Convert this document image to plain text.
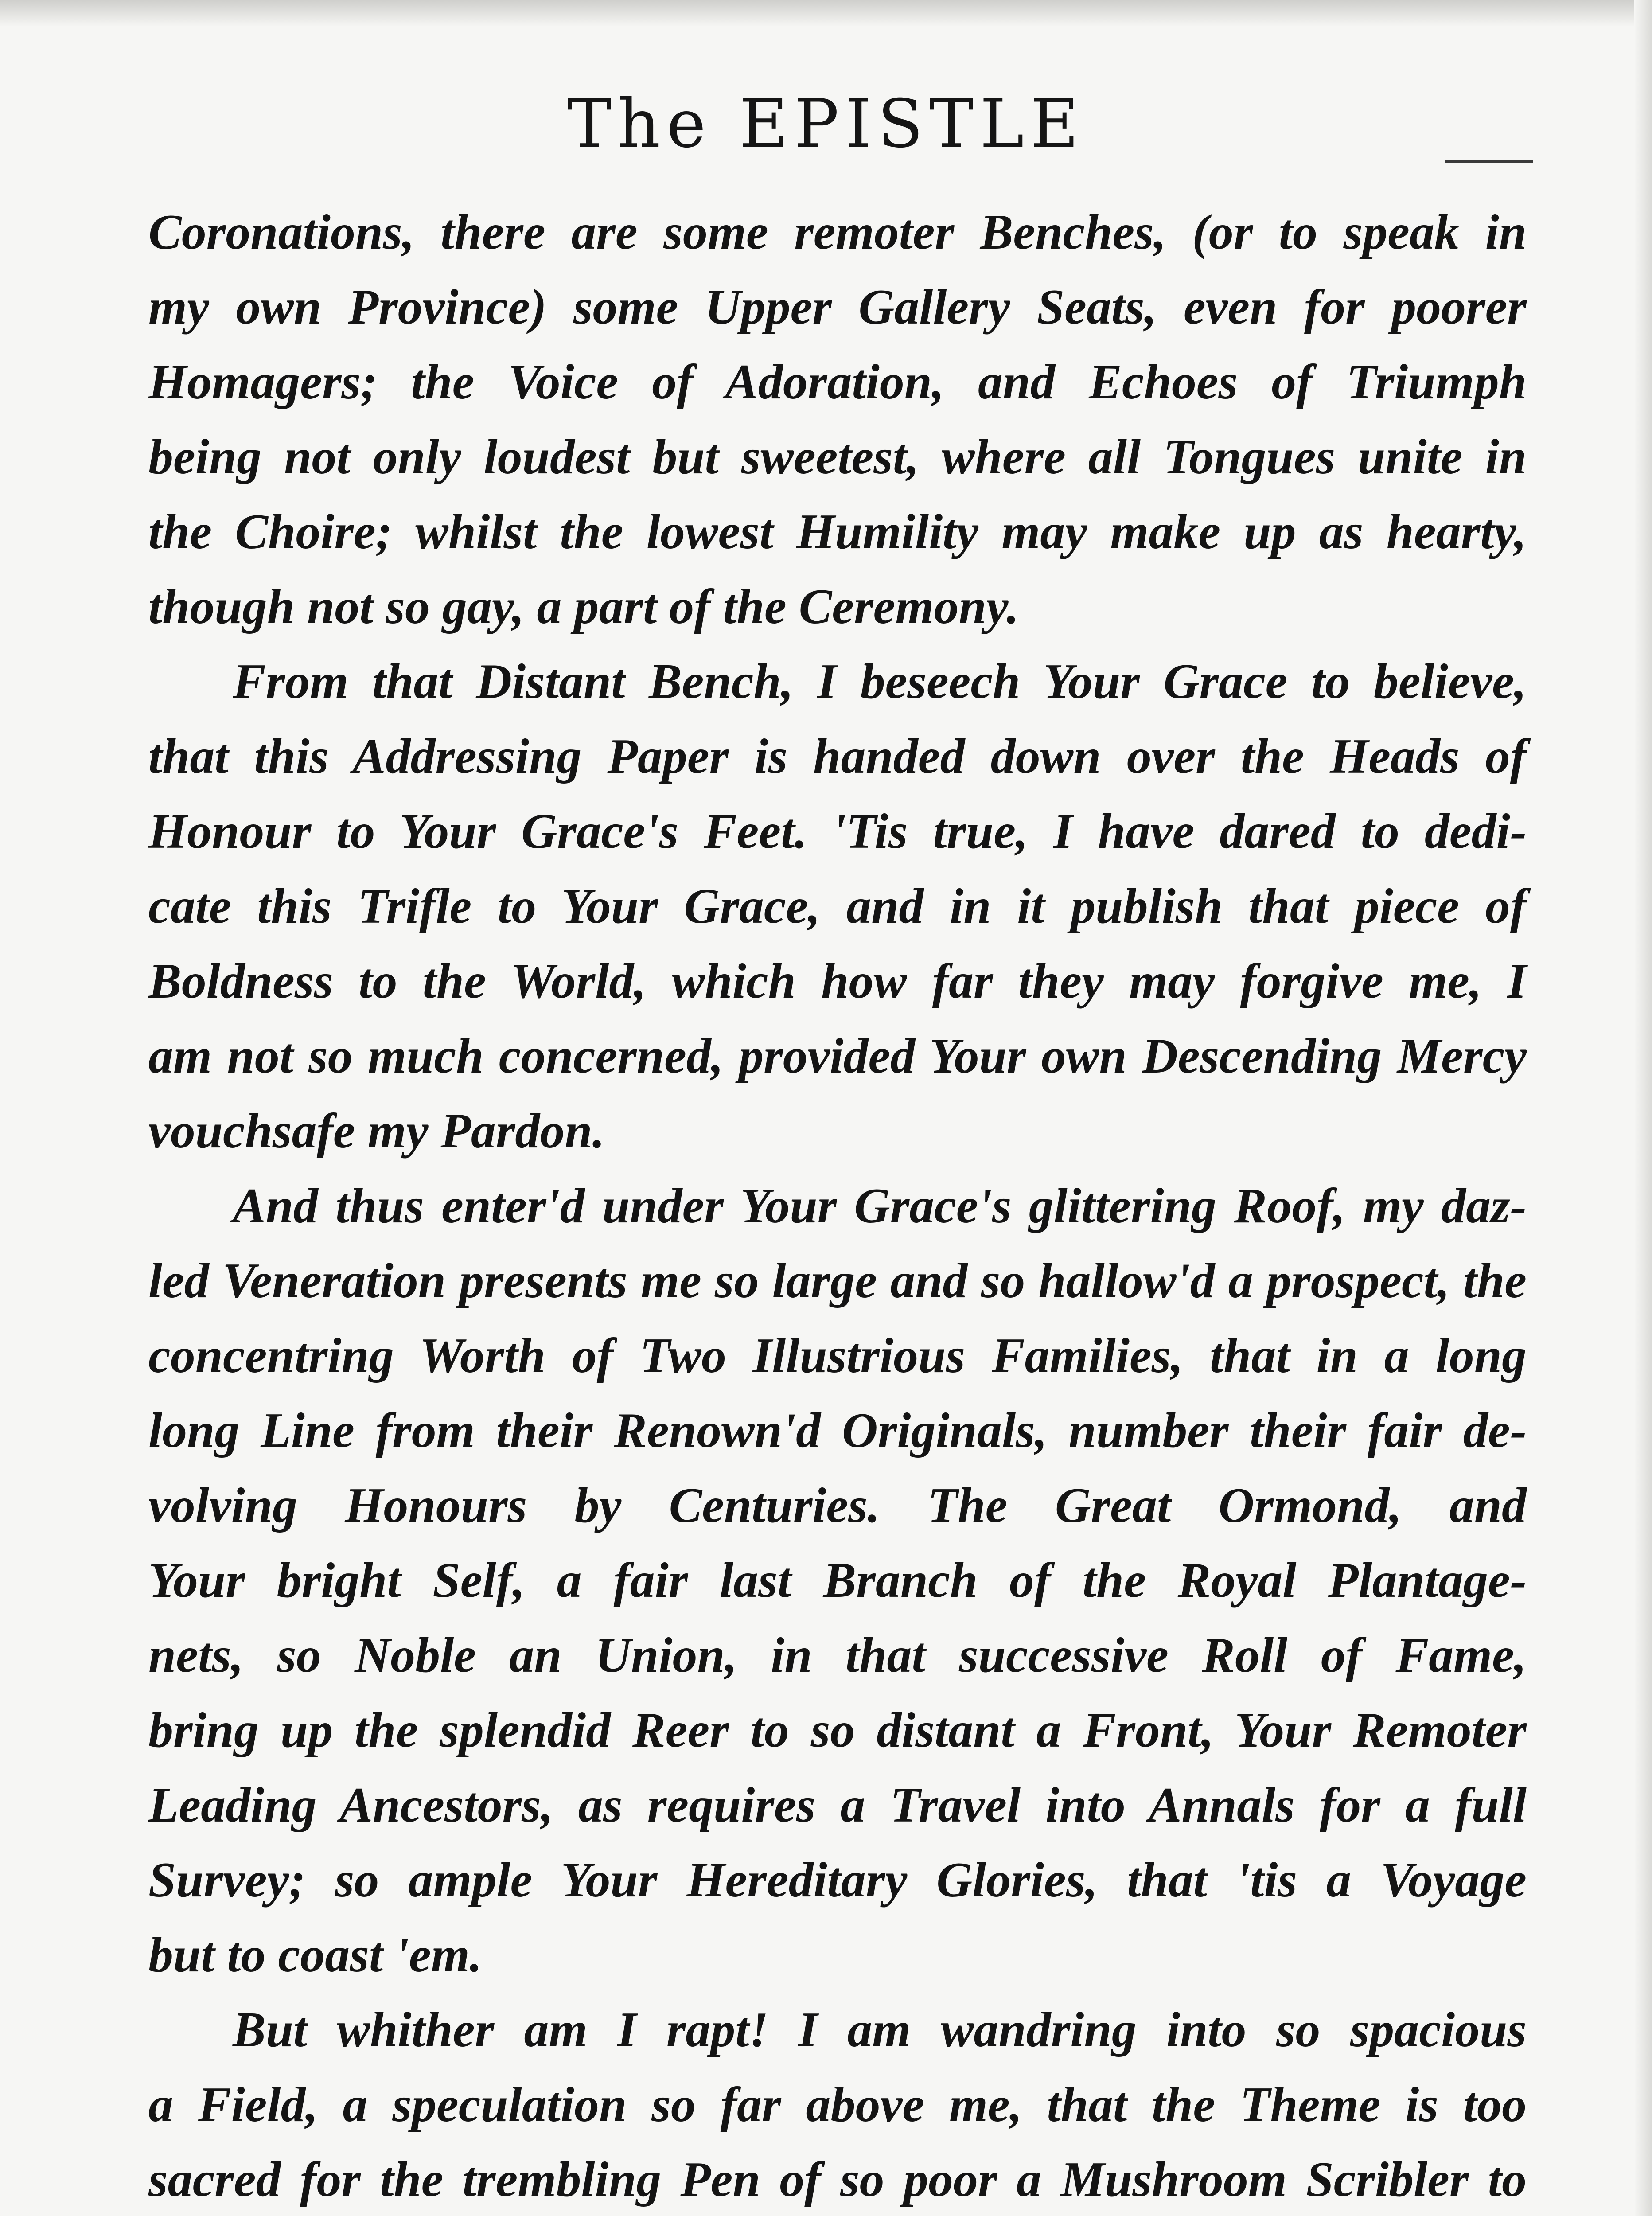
The EPISTLE
Coronations, there are some remoter Benches, (or to speak in
my own Province) some Upper Gallery Seats, even for poorer
Homagers; the Voice of Adoration, and Echoes of Triumph
being not only loudest but sweetest, where all Tongues unite in
the Choire; whilst the lowest Humility may make up as hearty,
though not so gay, a part of the Ceremony.
From that Distant Bench, I beseech Your Grace to believe,
that this Addressing Paper is handed down over the Heads of
Honour to Your Grace's Feet. 'Tis true, I have dared to dedi-
cate this Trifle to Your Grace, and in it publish that piece of
Boldness to the World, which how far they may forgive me, I
am not so much concerned, provided Your own Descending Mercy
vouchsafe my Pardon.
And thus enter'd under Your Grace's glittering Roof, my daz-
led Veneration presents me so large and so hallow'd a prospect, the
concentring Worth of Two Illustrious Families, that in a long
long Line from their Renown'd Originals, number their fair de-
volving Honours by Centuries. The Great Ormond, and
Your bright Self, a fair last Branch of the Royal Plantage-
nets, so Noble an Union, in that successive Roll of Fame,
bring up the splendid Reer to so distant a Front, Your Remoter
Leading Ancestors, as requires a Travel into Annals for a full
Survey; so ample Your Hereditary Glories, that 'tis a Voyage
but to coast 'em.
But whither am I rapt! I am wandring into so spacious
a Field, a speculation so far above me, that the Theme is too
sacred for the trembling Pen of so poor a Mushroom Scribler to
